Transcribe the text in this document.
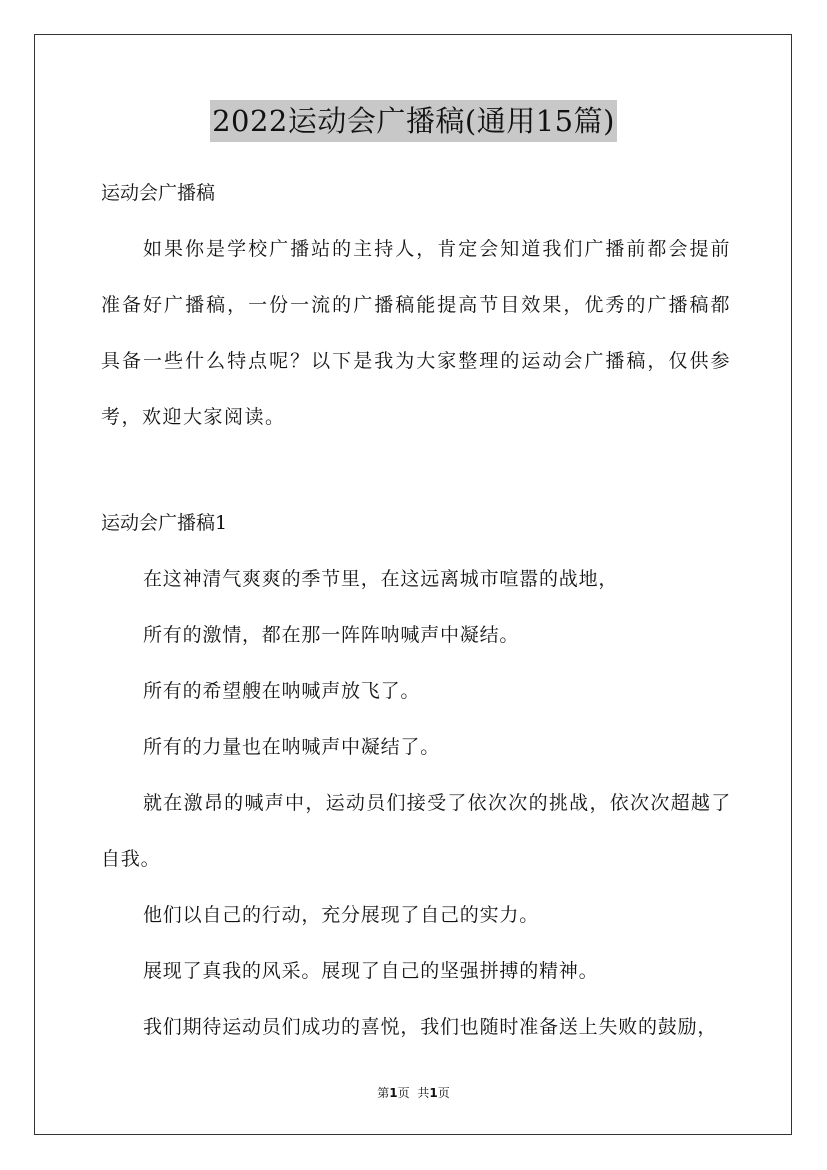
2022运动会广播稿(通用15篇)

运动会广播稿

如果你是学校广播站的主持人，肯定会知道我们广播前都会提前准备好广播稿，一份一流的广播稿能提高节目效果，优秀的广播稿都具备一些什么特点呢？以下是我为大家整理的运动会广播稿，仅供参考，欢迎大家阅读。

运动会广播稿1

在这神清气爽爽的季节里，在这远离城市喧嚣的战地，

所有的激情，都在那一阵阵呐喊声中凝结。

所有的希望艘在呐喊声放飞了。

所有的力量也在呐喊声中凝结了。

就在激昂的喊声中，运动员们接受了依次次的挑战，依次次超越了自我。

他们以自己的行动，充分展现了自己的实力。

展现了真我的风采。展现了自己的坚强拼搏的精神。

我们期待运动员们成功的喜悦，我们也随时准备送上失败的鼓励，

第1页 共1页
